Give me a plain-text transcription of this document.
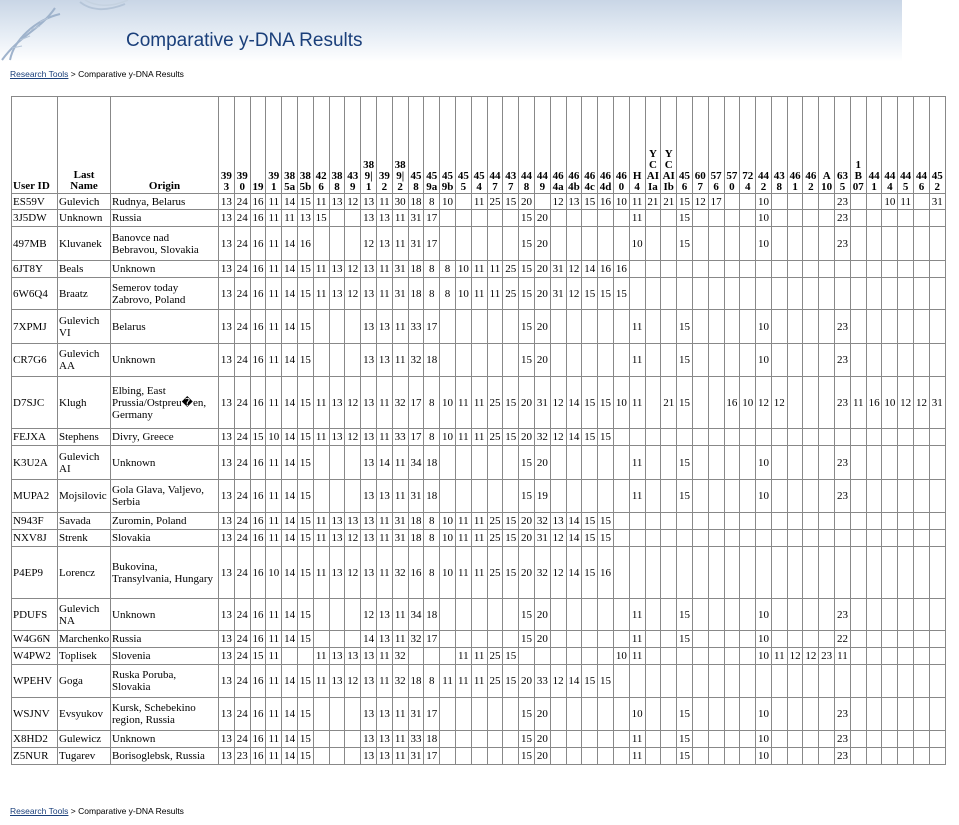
Comparative y-DNA Results
Research Tools > Comparative y-DNA Results
User ID	Last Name	Origin	393	390	19	391	385a	385b	426	388	439	389|1	392	389|2	458	459a	459b	455	454	447	437	448	449	464a	464b	464c	464d	460	H4	YCAIIa	YCAIIb	456	607	576	570	724	442	438	461	462	A10	635	1B07	441	444	445	446	452

ES59V	Gulevich	Rudnya, Belarus	13	24	16	11	14	15	11	13	12	13	11	30	18	8	10		11	25	15	20		12	13	15	16	10	11	21	21	15	12	17			10					23			10	11		31
3J5DW	Unknown	Russia	13	24	16	11	11	13	15			13	13	11	31	17						15	20						11			15					10					23						
497MB	Kluvanek	Banovce nad Bebravou, Slovakia	13	24	16	11	14	16				12	13	11	31	17						15	20						10			15					10					23						
6JT8Y	Beals	Unknown	13	24	16	11	14	15	11	13	12	13	11	31	18	8	8	10	11	11	25	15	20	31	12	14	16	16																				
6W6Q4	Braatz	Semerov today Zabrovo, Poland	13	24	16	11	14	15	11	13	12	13	11	31	18	8	8	10	11	11	25	15	20	31	12	15	15	15																				
7XPMJ	Gulevich VI	Belarus	13	24	16	11	14	15				13	13	11	33	17						15	20						11			15					10					23						
CR7G6	Gulevich AA	Unknown	13	24	16	11	14	15				13	13	11	32	18						15	20						11			15					10					23						
D7SJC	Klugh	Elbing, East Prussia/Ostpreu�en, Germany	13	24	16	11	14	15	11	13	12	13	11	32	17	8	10	11	11	25	15	20	31	12	14	15	15	10	11		21	15			16	10	12	12				23	11	16	10	12	12	31
FEJXA	Stephens	Divry, Greece	13	24	15	10	14	15	11	13	12	13	11	33	17	8	10	11	11	25	15	20	32	12	14	15	15																					
K3U2A	Gulevich AI	Unknown	13	24	16	11	14	15				13	14	11	34	18						15	20						11			15					10					23						
MUPA2	Mojsilovic	Gola Glava, Valjevo, Serbia	13	24	16	11	14	15				13	13	11	31	18						15	19						11			15					10					23						
N943F	Savada	Zuromin, Poland	13	24	16	11	14	15	11	13	13	13	11	31	18	8	10	11	11	25	15	20	32	13	14	15	15																					
NXV8J	Strenk	Slovakia	13	24	16	11	14	15	11	13	12	13	11	31	18	8	10	11	11	25	15	20	31	12	14	15	15																					
P4EP9	Lorencz	Bukovina, Transylvania, Hungary	13	24	16	10	14	15	11	13	12	13	11	32	16	8	10	11	11	25	15	20	32	12	14	15	16																					
PDUFS	Gulevich NA	Unknown	13	24	16	11	14	15				12	13	11	34	18						15	20						11			15					10					23						
W4G6N	Marchenko	Russia	13	24	16	11	14	15				14	13	11	32	17						15	20						11			15					10					22						
W4PW2	Toplisek	Slovenia	13	24	15	11			11	13	13	13	11	32				11	11	25	15							10	11								10	11	12	12	23	11						
WPEHV	Goga	Ruska Poruba, Slovakia	13	24	16	11	14	15	11	13	12	13	11	32	18	8	11	11	11	25	15	20	33	12	14	15	15																					
WSJNV	Evsyukov	Kursk, Schebekino region, Russia	13	24	16	11	14	15				13	13	11	31	17						15	20						10			15					10					23						
X8HD2	Gulewicz	Unknown	13	24	16	11	14	15				13	13	11	33	18						15	20						11			15					10					23						
Z5NUR	Tugarev	Borisoglebsk, Russia	13	23	16	11	14	15				13	13	11	31	17						15	20						11			15					10					23						
Research Tools > Comparative y-DNA Results
